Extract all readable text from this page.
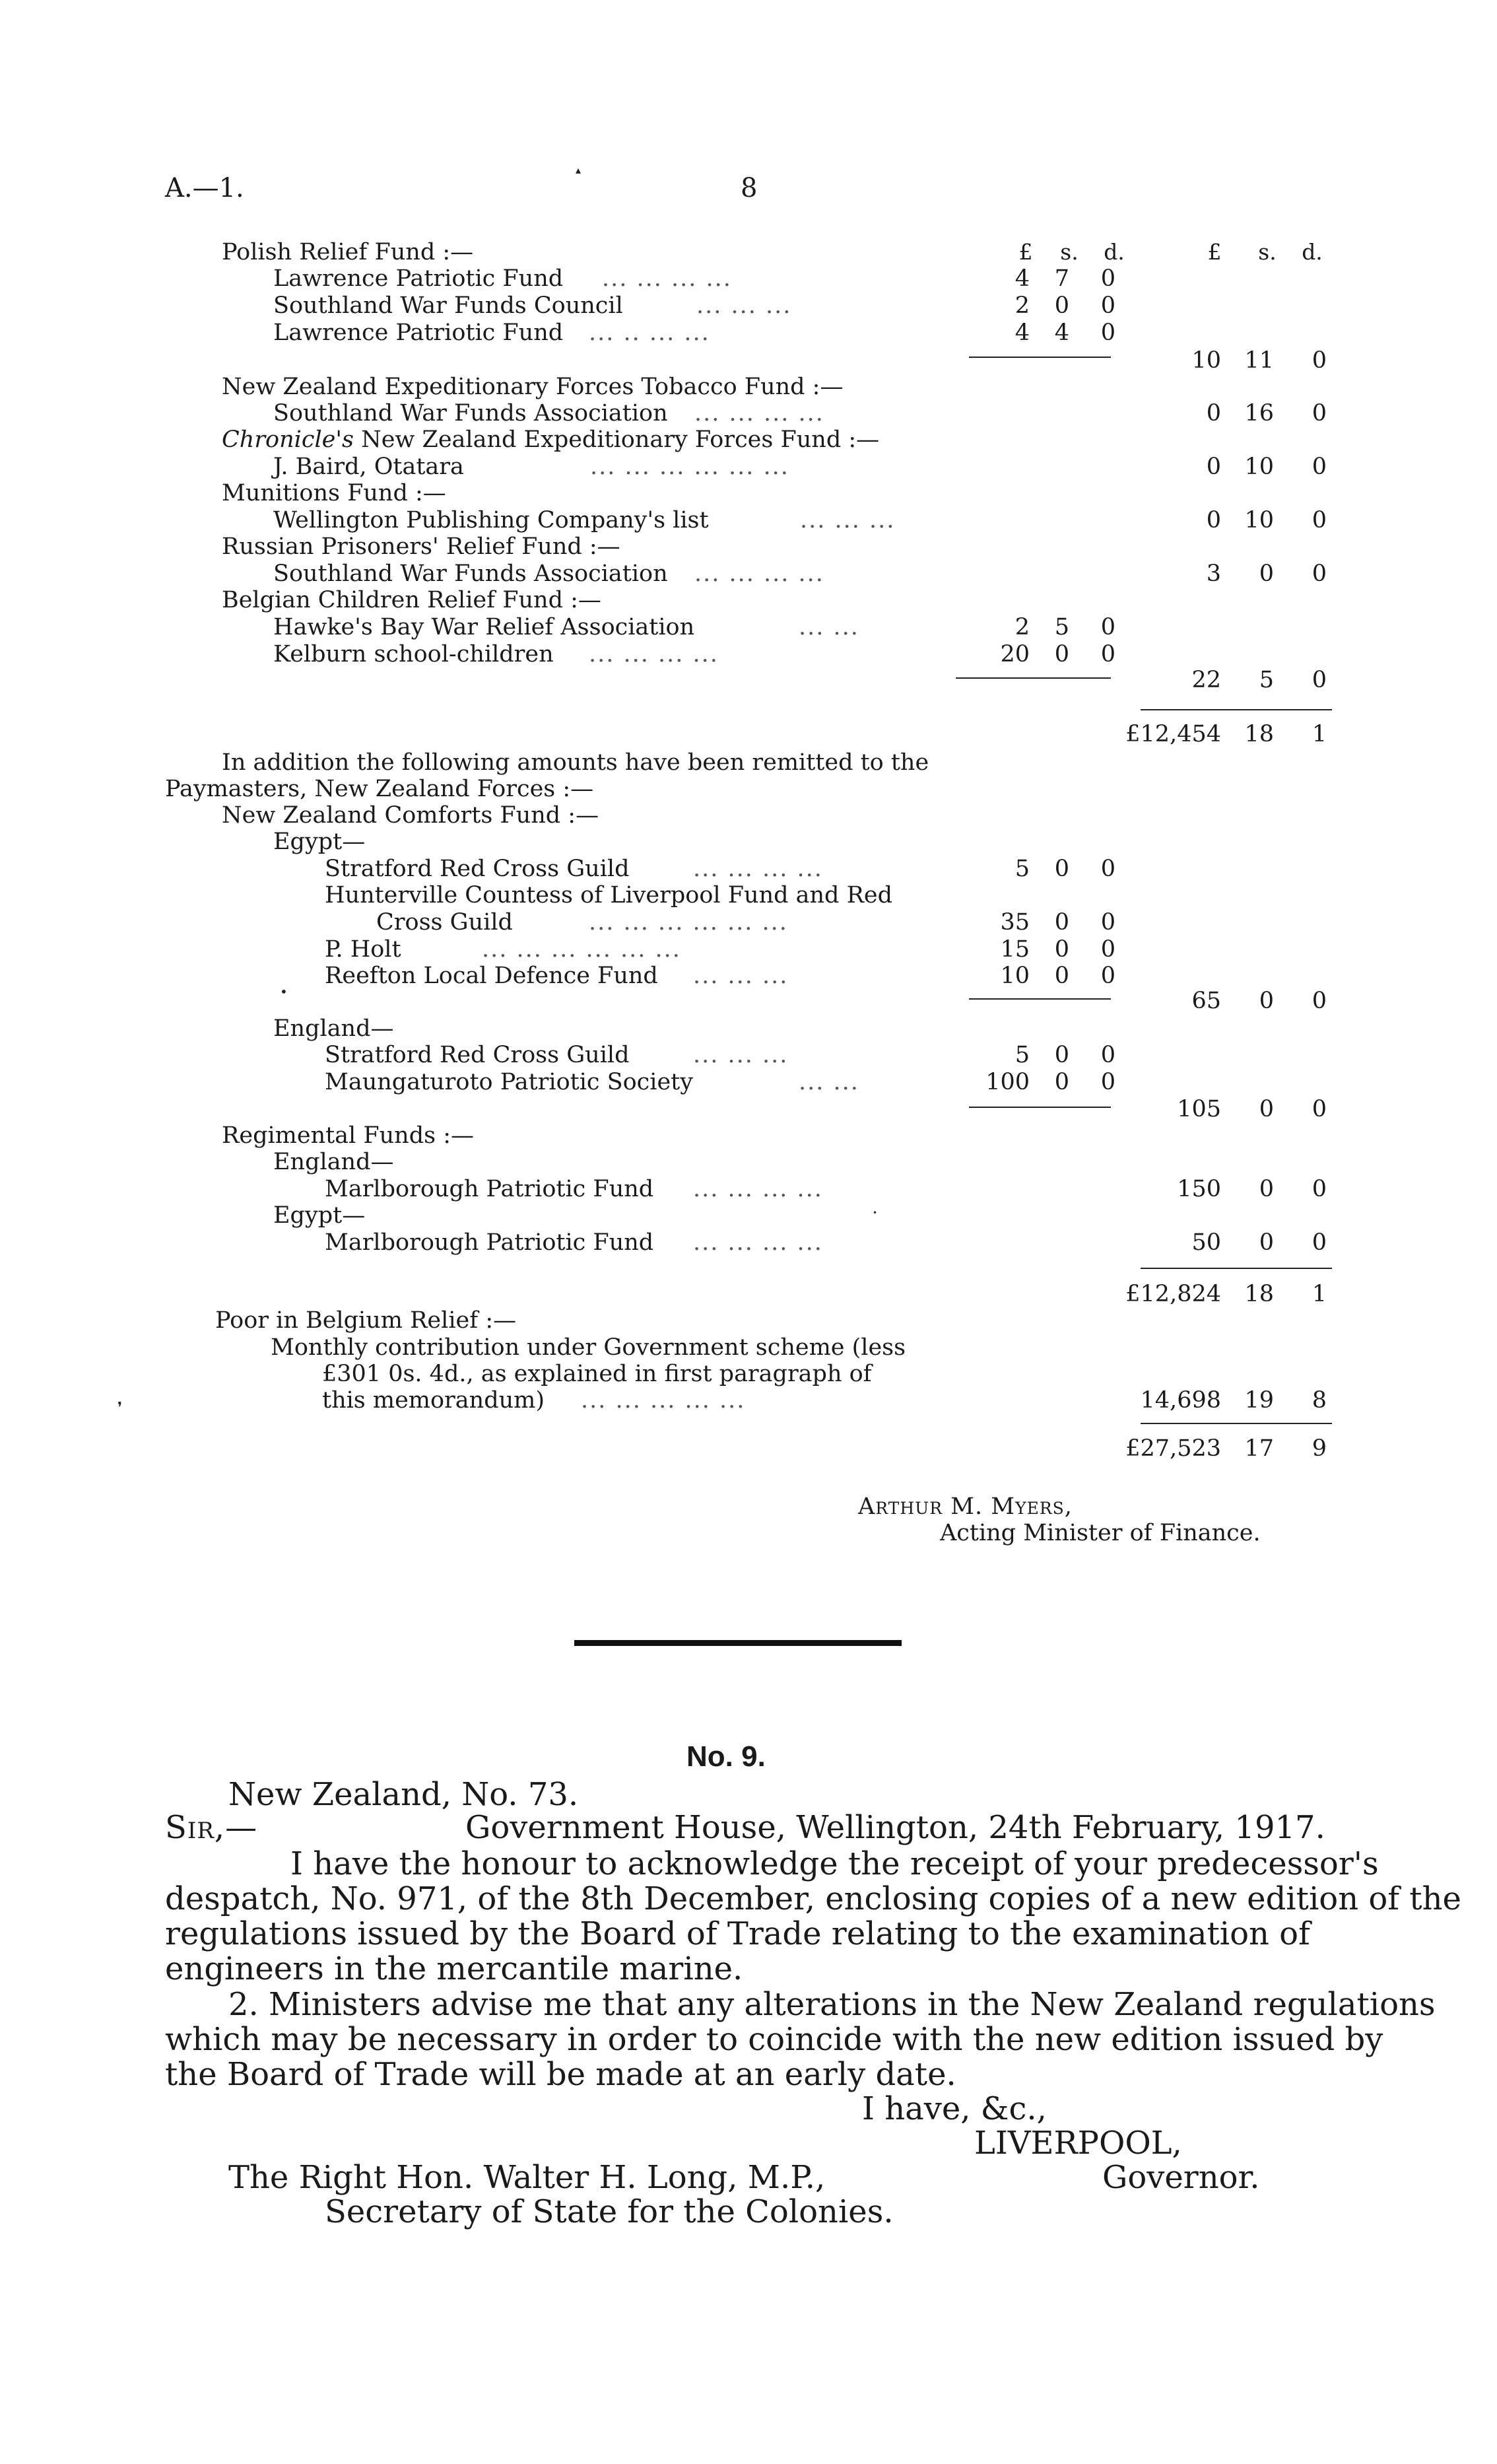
A.—1.	8
▴
£ s. d.	£ s. d.
Polish Relief Fund :—
Lawrence Patriotic Fund ... ... ... ...	4	7	0
Southland War Funds Council	... ... ...	2	0	0
Lawrence Patriotic Fund ... .. ... ...	4	4	0
10 11	0
New Zealand Expeditionary Forces Tobacco Fund :—
Southland War Funds Association ... ... ... ...	0 16	0
Chronicle's New Zealand Expeditionary Forces Fund :—
J. Baird, Otatara	... ... ... ... ... ...	0 10	0
Munitions Fund :—
Wellington Publishing Company's list	... ... ...	0 10	0
Russian Prisoners' Relief Fund :—
Southland War Funds Association ... ... ... ...	3	0	0
Belgian Children Relief Fund :—
Hawke's Bay War Relief Association	... ...	2	5	0
Kelburn school-children ... ... ... ...	20	0	0
22	5	0
£12,454 18	1
In addition the following amounts have been remitted to the
Paymasters, New Zealand Forces :—
New Zealand Comforts Fund :—
Egypt—
Stratford Red Cross Guild	... ... ... ...	5	0	0
Hunterville Countess of Liverpool Fund and Red
Cross Guild	... ... ... ... ... ...	35	0	0
P. Holt	... ... ... ... ... ...	15	0	0
Reefton Local Defence Fund ... ... ...	10	0	0
•	65	0	0
England—
Stratford Red Cross Guild	... ... ...	5	0	0
Maungaturoto Patriotic Society	... ...	100	0	0
105	0	0
Regimental Funds :—
England—
Marlborough Patriotic Fund ... ... ... ...	150	0	0
Egypt—	•
Marlborough Patriotic Fund ... ... ... ...	50	0	0
£12,824 18	1
Poor in Belgium Relief :—
Monthly contribution under Government scheme (less
£301 0s. 4d., as explained in first paragraph of
this memorandum) ... ... ... ... ...	14,698 19	8
❜
£27,523 17	9
Arthur M. Myers,
Acting Minister of Finance.
No. 9.
New Zealand, No. 73.
Sir,—	Government House, Wellington, 24th February, 1917.
I have the honour to acknowledge the receipt of your predecessor's
despatch, No. 971, of the 8th December, enclosing copies of a new edition of the
regulations issued by the Board of Trade relating to the examination of
engineers in the mercantile marine.
2. Ministers advise me that any alterations in the New Zealand regulations
which may be necessary in order to coincide with the new edition issued by
the Board of Trade will be made at an early date.
I have, &c.,
LIVERPOOL,
The Right Hon. Walter H. Long, M.P.,	Governor.
Secretary of State for the Colonies.
